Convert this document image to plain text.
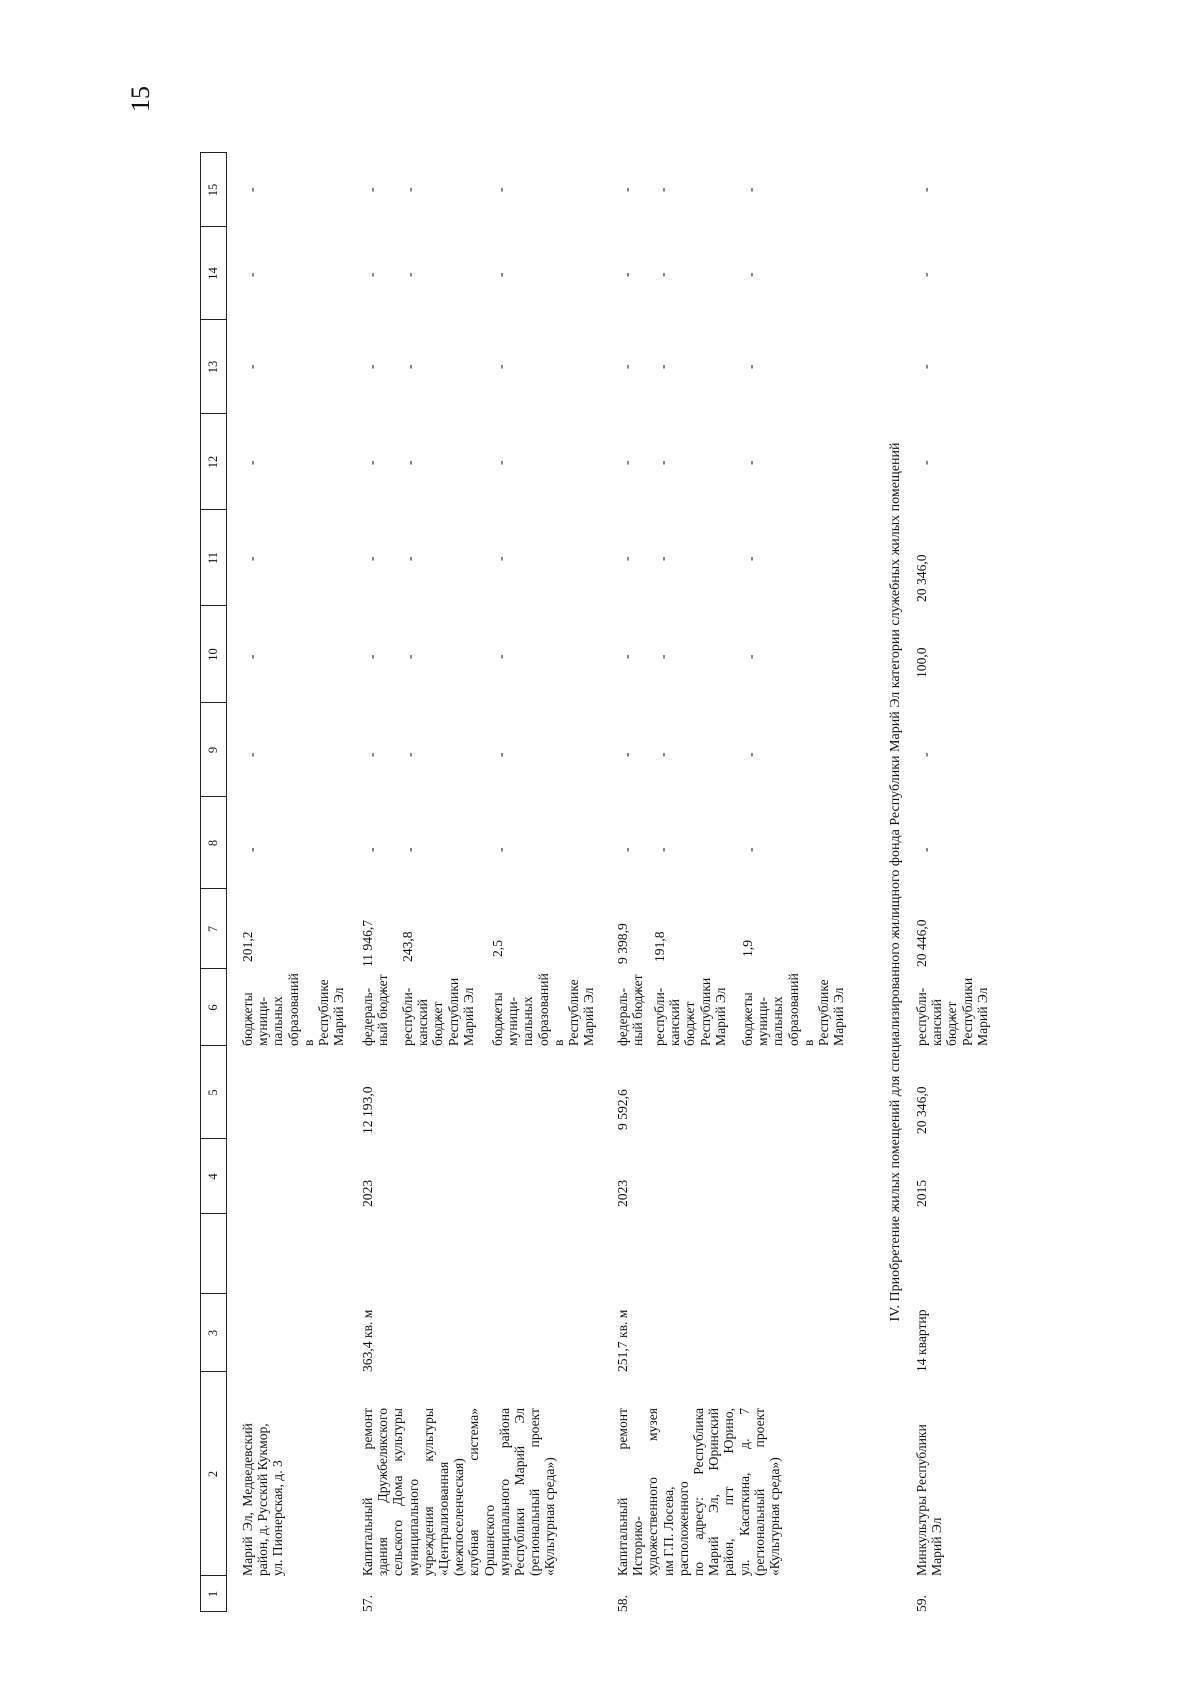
15
1
2
3
4
5
6
7
8
9
10
11
12
13
14
15
Марий Эл, Медведевский район, д. Русский Кукмор,
ул. Пионерская, д. 3
бюджеты
муници-
пальных
образований
в
Республике
Марий Эл
201,2
-
-
-
-
-
-
-
-
57.
Капитальный ремонт здания Дружбелякского сельского Дома культуры муниципального учреждения культуры «Централизованная
(межпоселенческая) клубная система» Оршанского муниципального района Республики Марий Эл (региональный проект «Культурная среда»)
363,4 кв. м
2023
12 193,0
федераль-
ный бюджет
11 946,7
республи-
канский
бюджет
Республики
Марий Эл
243,8
бюджеты
муници-
пальных
образований
в
Республике
Марий Эл
2,5
-
-
-
-
-
-
-
-
-
-
-
-
-
-
-
-
-
-
-
-
-
-
-
-
58.
Капитальный ремонт Историко- художественного музея им Г.П. Лосева,
расположенного по адресу: Республика Марий Эл, Юринский район, пгт Юрино, ул. Касаткина, д. 7 (региональный проект «Культурная среда»)
251,7 кв. м
2023
9 592,6
федераль-
ный бюджет
9 398,9
республи-
канский
бюджет
Республики
Марий Эл
191,8
бюджеты
муници-
пальных
образований
в
Республике
Марий Эл
1,9
-
-
-
-
-
-
-
-
-
-
-
-
-
-
-
-
-
-
-
-
-
-
-
-
IV. Приобретение жилых помещений для специализированного жилищного фонда Республики Марий Эл категории служебных жилых помещений
59.
Минкультуры Республики
Марий Эл
14 квартир
2015
20 346,0
республи-
канский
бюджет
Республики
Марий Эл
20 446,0
-
-
100,0
20 346,0
-
-
-
-
